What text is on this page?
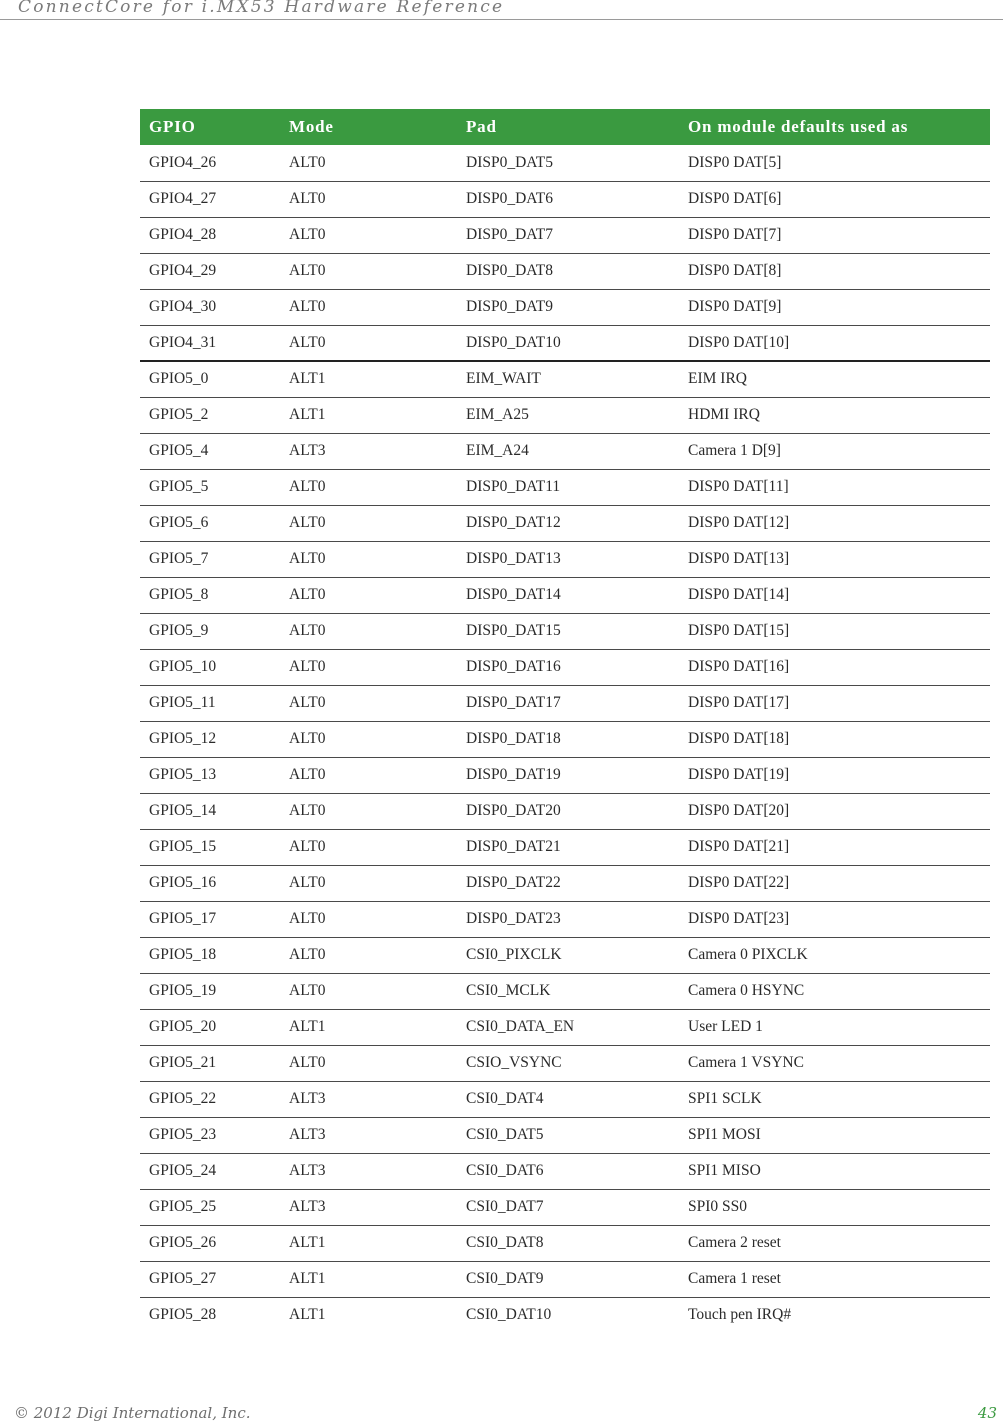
ConnectCore for i.MX53 Hardware Reference
GPIO	Mode	Pad	On module defaults used as
GPIO4_26	ALT0	DISP0_DAT5	DISP0 DAT[5]
GPIO4_27	ALT0	DISP0_DAT6	DISP0 DAT[6]
GPIO4_28	ALT0	DISP0_DAT7	DISP0 DAT[7]
GPIO4_29	ALT0	DISP0_DAT8	DISP0 DAT[8]
GPIO4_30	ALT0	DISP0_DAT9	DISP0 DAT[9]
GPIO4_31	ALT0	DISP0_DAT10	DISP0 DAT[10]
GPIO5_0	ALT1	EIM_WAIT	EIM IRQ
GPIO5_2	ALT1	EIM_A25	HDMI IRQ
GPIO5_4	ALT3	EIM_A24	Camera 1 D[9]
GPIO5_5	ALT0	DISP0_DAT11	DISP0 DAT[11]
GPIO5_6	ALT0	DISP0_DAT12	DISP0 DAT[12]
GPIO5_7	ALT0	DISP0_DAT13	DISP0 DAT[13]
GPIO5_8	ALT0	DISP0_DAT14	DISP0 DAT[14]
GPIO5_9	ALT0	DISP0_DAT15	DISP0 DAT[15]
GPIO5_10	ALT0	DISP0_DAT16	DISP0 DAT[16]
GPIO5_11	ALT0	DISP0_DAT17	DISP0 DAT[17]
GPIO5_12	ALT0	DISP0_DAT18	DISP0 DAT[18]
GPIO5_13	ALT0	DISP0_DAT19	DISP0 DAT[19]
GPIO5_14	ALT0	DISP0_DAT20	DISP0 DAT[20]
GPIO5_15	ALT0	DISP0_DAT21	DISP0 DAT[21]
GPIO5_16	ALT0	DISP0_DAT22	DISP0 DAT[22]
GPIO5_17	ALT0	DISP0_DAT23	DISP0 DAT[23]
GPIO5_18	ALT0	CSI0_PIXCLK	Camera 0 PIXCLK
GPIO5_19	ALT0	CSI0_MCLK	Camera 0 HSYNC
GPIO5_20	ALT1	CSI0_DATA_EN	User LED 1
GPIO5_21	ALT0	CSIO_VSYNC	Camera 1 VSYNC
GPIO5_22	ALT3	CSI0_DAT4	SPI1 SCLK
GPIO5_23	ALT3	CSI0_DAT5	SPI1 MOSI
GPIO5_24	ALT3	CSI0_DAT6	SPI1 MISO
GPIO5_25	ALT3	CSI0_DAT7	SPI0 SS0
GPIO5_26	ALT1	CSI0_DAT8	Camera 2 reset
GPIO5_27	ALT1	CSI0_DAT9	Camera 1 reset
GPIO5_28	ALT1	CSI0_DAT10	Touch pen IRQ#
© 2012 Digi International, Inc.	43
